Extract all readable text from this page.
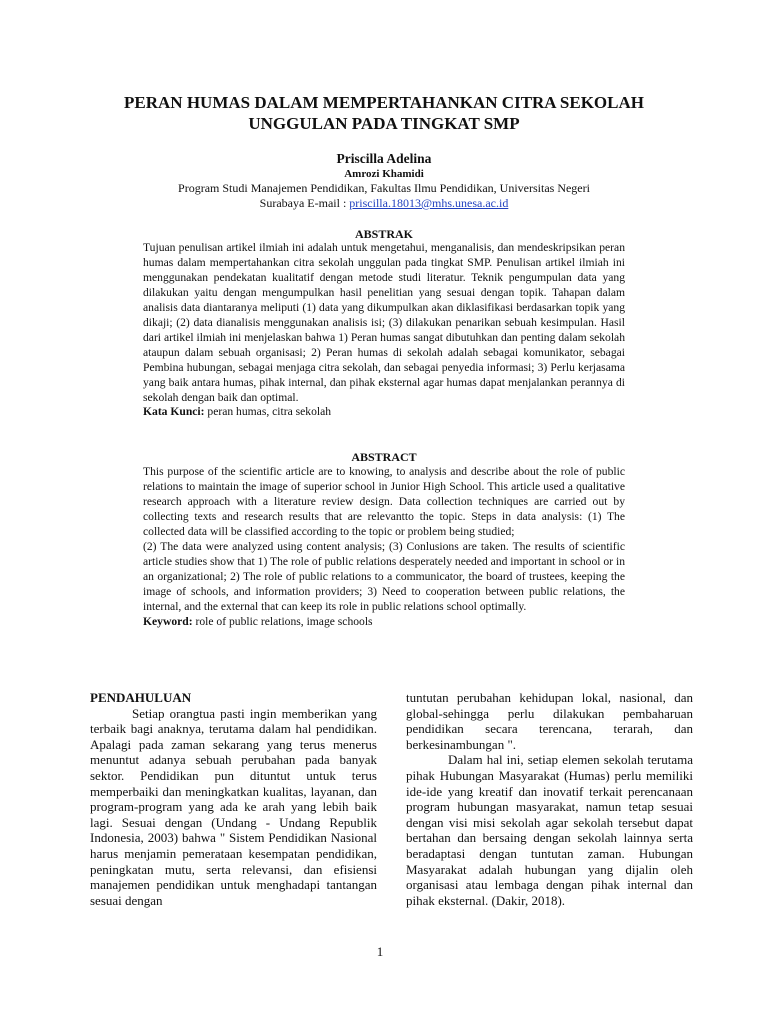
PERAN HUMAS DALAM MEMPERTAHANKAN CITRA SEKOLAH
UNGGULAN PADA TINGKAT SMP
Priscilla Adelina
Amrozi Khamidi
Program Studi Manajemen Pendidikan, Fakultas Ilmu Pendidikan, Universitas Negeri
Surabaya E-mail : priscilla.18013@mhs.unesa.ac.id
ABSTRAK

Tujuan penulisan artikel ilmiah ini adalah untuk mengetahui, menganalisis, dan mendeskripsikan peran humas dalam mempertahankan citra sekolah unggulan pada tingkat SMP. Penulisan artikel ilmiah ini menggunakan pendekatan kualitatif dengan metode studi literatur. Teknik pengumpulan data yang dilakukan yaitu dengan mengumpulkan hasil penelitian yang sesuai dengan topik. Tahapan dalam analisis data diantaranya meliputi (1) data yang dikumpulkan akan diklasifikasi berdasarkan topik yang dikaji; (2) data dianalisis menggunakan analisis isi; (3) dilakukan penarikan sebuah kesimpulan. Hasil dari artikel ilmiah ini menjelaskan bahwa 1) Peran humas sangat dibutuhkan dan penting dalam sekolah ataupun dalam sebuah organisasi; 2) Peran humas di sekolah adalah sebagai komunikator, sebagai Pembina hubungan, sebagai menjaga citra sekolah, dan sebagai penyedia informasi; 3) Perlu kerjasama yang baik antara humas, pihak internal, dan pihak eksternal agar humas dapat menjalankan perannya di sekolah dengan baik dan optimal.

Kata Kunci: peran humas, citra sekolah

ABSTRACT

This purpose of the scientific article are to knowing, to analysis and describe about the role of public relations to maintain the image of superior school in Junior High School. This article used a qualitative research approach with a literature review design. Data collection techniques are carried out by collecting texts and research results that are relevantto the topic. Steps in data analysis: (1) The collected data will be classified according to the topic or problem being studied;

(2) The data were analyzed using content analysis; (3) Conlusions are taken. The results of scientific article studies show that 1) The role of public relations desperately needed and important in school or in an organizational; 2) The role of public relations to a communicator, the board of trustees, keeping the image of schools, and information providers; 3) Need to cooperation between public relations, the internal, and the external that can keep its role in public relations school optimally.

Keyword: role of public relations, image schools

PENDAHULUAN

Setiap orangtua pasti ingin memberikan yang terbaik bagi anaknya, terutama dalam hal pendidikan. Apalagi pada zaman sekarang yang terus menerus menuntut adanya sebuah perubahan pada banyak sektor. Pendidikan pun dituntut untuk terus memperbaiki dan meningkatkan kualitas, layanan, dan program-program yang ada ke arah yang lebih baik lagi. Sesuai dengan (Undang - Undang Republik Indonesia, 2003) bahwa " Sistem Pendidikan Nasional harus menjamin pemerataan kesempatan pendidikan, peningkatan mutu, serta relevansi, dan efisiensi manajemen pendidikan untuk menghadapi tantangan sesuai dengan

tuntutan perubahan kehidupan lokal, nasional, dan global-sehingga perlu dilakukan pembaharuan pendidikan secara terencana, terarah, dan berkesinambungan ".

Dalam hal ini, setiap elemen sekolah terutama pihak Hubungan Masyarakat (Humas) perlu memiliki ide-ide yang kreatif dan inovatif terkait perencanaan program hubungan masyarakat, namun tetap sesuai dengan visi misi sekolah agar sekolah tersebut dapat bertahan dan bersaing dengan sekolah lainnya serta beradaptasi dengan tuntutan zaman. Hubungan Masyarakat adalah hubungan yang dijalin oleh organisasi atau lembaga dengan pihak internal dan pihak eksternal. (Dakir, 2018).

1
